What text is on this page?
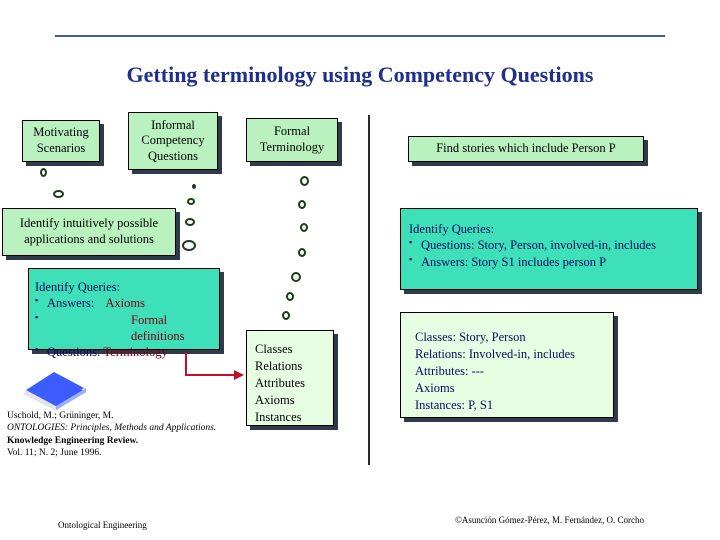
Getting terminology using Competency Questions
Motivating Scenarios
Informal Competency Questions
Formal Terminology	Find stories which include Person P
Identify intuitively possible applications and solutions
Identify Queries:
▪ Answers: Axioms
▪ Formal definitions
▪ Questions: Terminology	Classes
Relations
Attributes
Axioms
Instances
Identify Queries:
▪ Questions: Story, Person, involved-in, includes
▪ Answers: Story S1 includes person P
Classes: Story, Person
Relations: Involved-in, includes
Attributes: ---
Axioms
Instances: P, S1
Uschold, M.; Grüninger, M.
ONTOLOGIES: Principles, Methods and Applications.
Knowledge Engineering Review.
Vol. 11; N. 2; June 1996.
Ontological Engineering	©Asunción Gómez-Pérez, M. Fernández, O. Corcho
